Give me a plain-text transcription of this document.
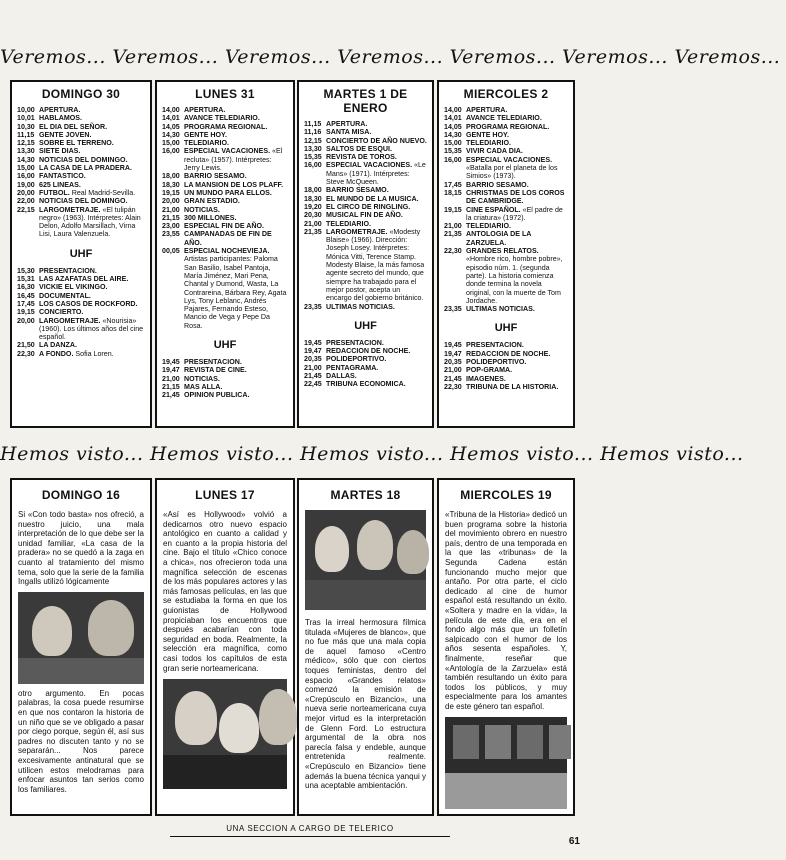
Veremos... Veremos... Veremos... Veremos... Veremos... Veremos... Veremos...
DOMINGO 30
10,00 APERTURA.
10,01 HABLAMOS.
10,30 EL DIA DEL SEÑOR.
11,15 GENTE JOVEN.
12,15 SOBRE EL TERRENO.
13,30 SIETE DIAS.
14,30 NOTICIAS DEL DOMINGO.
15,00 LA CASA DE LA PRADERA.
16,00 FANTASTICO.
19,00 625 LINEAS.
20,00 FUTBOL. Real Madrid-Sevilla.
22,00 NOTICIAS DEL DOMINGO.
22,15 LARGOMETRAJE. «El tulipán negro» (1963). Intérpretes: Alain Delon, Adolfo Marsillach, Virna Lisi, Laura Valenzuela.
UHF
15,30 PRESENTACION.
15,31 LAS AZAFATAS DEL AIRE.
16,30 VICKIE EL VIKINGO.
16,45 DOCUMENTAL.
17,45 LOS CASOS DE ROCKFORD.
19,15 CONCIERTO.
20,00 LARGOMETRAJE. «Nourisia» (1960). Los últimos años del cine español.
21,50 LA DANZA.
22,30 A FONDO. Sofia Loren.
LUNES 31
14,00 APERTURA.
14,01 AVANCE TELEDIARIO.
14,05 PROGRAMA REGIONAL.
14,30 GENTE HOY.
15,00 TELEDIARIO.
16,00 ESPECIAL VACACIONES. «El recluta» (1957). Intérpretes: Jerry Lewis.
18,00 BARRIO SESAMO.
18,30 LA MANSION DE LOS PLAFF.
19,15 UN MUNDO PARA ELLOS.
20,00 GRAN ESTADIO.
21,00 NOTICIAS.
21,15 300 MILLONES.
23,00 ESPECIAL FIN DE AÑO.
23,55 CAMPANADAS DE FIN DE AÑO.
00,05 ESPECIAL NOCHEVIEJA. Artistas participantes: Paloma San Basilio, Isabel Pantoja, María Jiménez, Mari Pena, Chantal y Dumond, Wasta, La Contrareina, Bárbara Rey, Agata Lys, Tony Leblanc, Andrés Pajares, Fernando Esteso, Mancio de Vega y Pepe Da Rosa.
UHF
19,45 PRESENTACION.
19,47 REVISTA DE CINE.
21,00 NOTICIAS.
21,15 MAS ALLA.
21,45 OPINION PUBLICA.
MARTES 1 DE ENERO
11,15 APERTURA.
11,16 SANTA MISA.
12,15 CONCIERTO DE AÑO NUEVO.
13,30 SALTOS DE ESQUI.
15,35 REVISTA DE TOROS.
16,00 ESPECIAL VACACIONES. «Le Mans» (1971). Intérpretes: Steve McQueen.
18,00 BARRIO SESAMO.
18,30 EL MUNDO DE LA MUSICA.
19,20 EL CIRCO DE RINGLING.
20,30 MUSICAL FIN DE AÑO.
21,00 TELEDIARIO.
21,35 LARGOMETRAJE. «Modesty Blaise» (1966). Dirección: Joseph Losey. Intérpretes: Mónica Vitti, Terence Stamp. Modesty Blaise, la más famosa agente secreto del mundo, que siempre ha trabajado para el mejor postor, acepta un encargo del gobierno británico.
23,35 ULTIMAS NOTICIAS.
UHF
19,45 PRESENTACION.
19,47 REDACCION DE NOCHE.
20,35 POLIDEPORTIVO.
21,00 PENTAGRAMA.
21,45 DALLAS.
22,45 TRIBUNA ECONOMICA.
MIERCOLES 2
14,00 APERTURA.
14,01 AVANCE TELEDIARIO.
14,05 PROGRAMA REGIONAL.
14,30 GENTE HOY.
15,00 TELEDIARIO.
15,35 VIVIR CADA DIA.
16,00 ESPECIAL VACACIONES. «Batalla por el planeta de los Simios» (1973).
17,45 BARRIO SESAMO.
18,15 CHRISTMAS DE LOS COROS DE CAMBRIDGE.
19,15 CINE ESPAÑOL. «El padre de la criatura» (1972).
21,00 TELEDIARIO.
21,35 ANTOLOGIA DE LA ZARZUELA.
22,30 GRANDES RELATOS. «Hombre rico, hombre pobre», episodio núm. 1. (segunda parte). La historia comienza donde termina la novela original, con la muerte de Tom Jordache.
23,35 ULTIMAS NOTICIAS.
UHF
19,45 PRESENTACION.
19,47 REDACCION DE NOCHE.
20,35 POLIDEPORTIVO.
21,00 POP-GRAMA.
21,45 IMAGENES.
22,30 TRIBUNA DE LA HISTORIA.
Hemos visto... Hemos visto... Hemos visto... Hemos visto... Hemos visto...
DOMINGO 16
Si «Con todo basta» nos ofreció, a nuestro juicio, una mala interpretación de lo que debe ser la unidad familiar, «La casa de la pradera» no se quedó a la zaga en cuanto al tratamiento del mismo tema, solo que la serie de la familia Ingalls utilizó lógicamente
otro argumento. En pocas palabras, la cosa puede resumirse en que nos contaron la historia de un niño que se ve obligado a pasar por ciego porque, según él, así sus padres no discuten tanto y no se separarán... Nos parece excesivamente antinatural que se utilicen estos melodramas para enfocar asuntos tan serios como los familiares.
LUNES 17
«Así es Hollywood» volvió a dedicarnos otro nuevo espacio antológico en cuanto a calidad y en cuanto a la propia historia del cine. Bajo el título «Chico conoce a chica», nos ofrecieron toda una magnífica selección de escenas de los más populares actores y las más famosas películas, en las que se estudiaba la forma en que los guionistas de Hollywood propiciaban los encuentros que después acabarían con toda seguridad en boda. Realmente, la selección era magnífica, como casi todos los capítulos de esta gran serie norteamericana.
MARTES 18
Tras la irreal hermosura fílmica titulada «Mujeres de blanco», que no fue más que una mala copia de aquel famoso «Centro médico», sólo que con ciertos toques feministas, dentro del espacio «Grandes relatos» comenzó la emisión de «Crepúsculo en Bizancio», una nueva serie norteamericana cuya mejor virtud es la interpretación de Glenn Ford. Lo estructura argumental de la obra nos parecía falsa y endeble, aunque entretenida realmente. «Crepúsculo en Bizancio» tiene además la buena técnica yanqui y una aceptable ambientación.
MIERCOLES 19
«Tribuna de la Historia» dedicó un buen programa sobre la historia del movimiento obrero en nuestro país, dentro de una temporada en la que las «tribunas» de la Segunda Cadena están funcionando mucho mejor que antaño. Por otra parte, el ciclo dedicado al cine de humor español está resultando un éxito. «Soltera y madre en la vida», la película de este día, era en el fondo algo más que un folletín salpicado con el humor de los años sesenta españoles. Y, finalmente, reseñar que «Antología de la Zarzuela» está también resultando un éxito para todos los públicos, y muy especialmente para los amantes de este género tan español.
UNA SECCION A CARGO DE TELERICO
61
